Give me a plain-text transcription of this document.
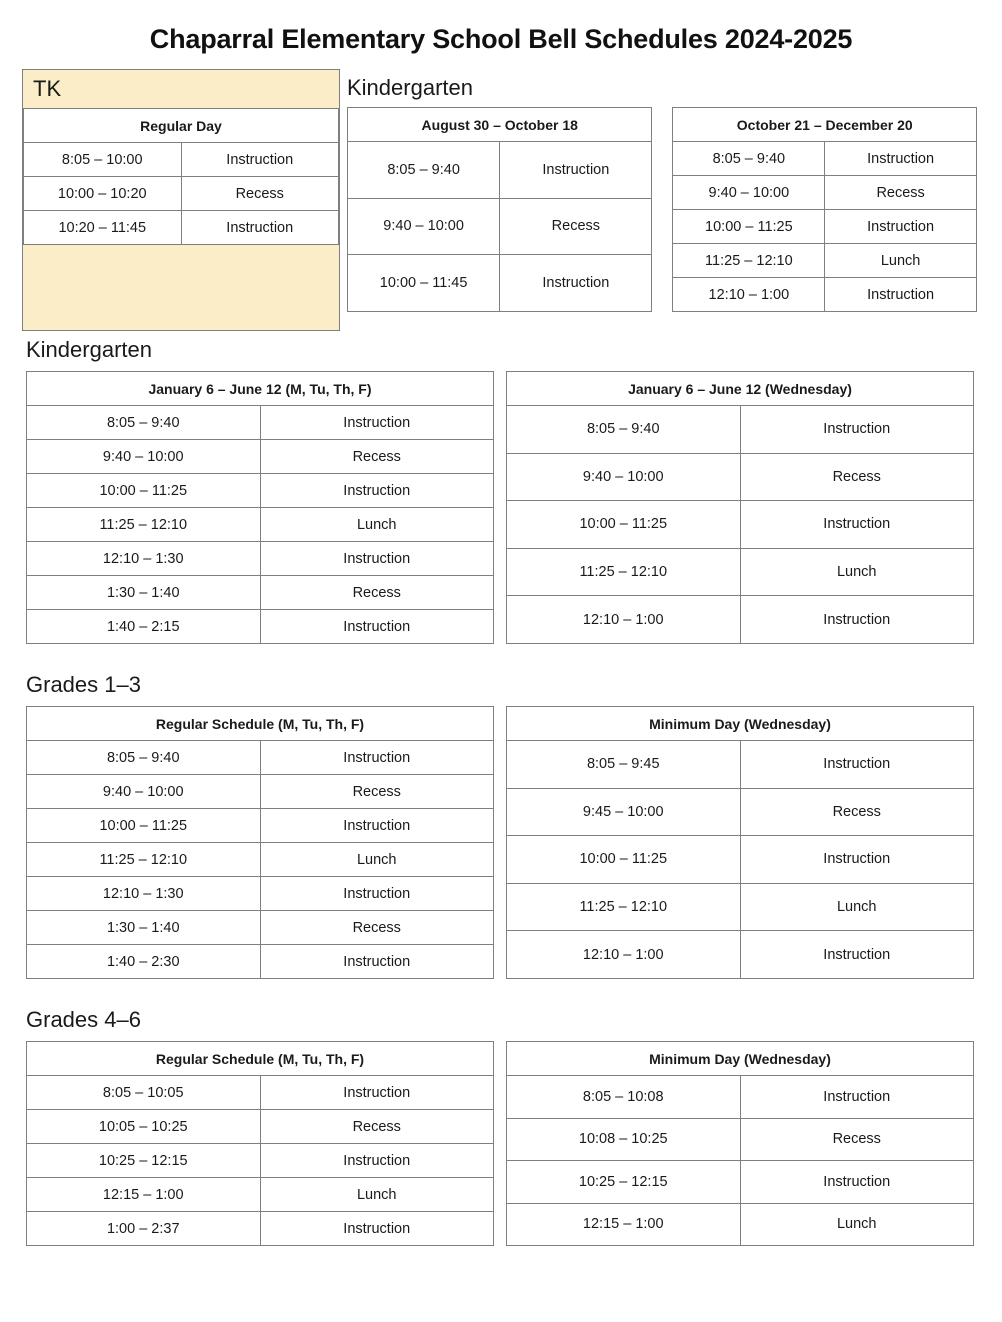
Chaparral Elementary School Bell Schedules 2024-2025
TK
Regular Day	
8:05 – 10:00	Instruction
10:00 – 10:20	Recess
10:20 – 11:45	Instruction
Kindergarten
August 30 – October 18	
8:05 – 9:40	Instruction
9:40 – 10:00	Recess
10:00 – 11:45	Instruction
October 21 – December 20	
8:05 – 9:40	Instruction
9:40 – 10:00	Recess
10:00 – 11:25	Instruction
11:25 – 12:10	Lunch
12:10 – 1:00	Instruction
Kindergarten
January 6 – June 12 (M, Tu, Th, F)	
8:05 – 9:40	Instruction
9:40 – 10:00	Recess
10:00 – 11:25	Instruction
11:25 – 12:10	Lunch
12:10 – 1:30	Instruction
1:30 – 1:40	Recess
1:40 – 2:15	Instruction
January 6 – June 12 (Wednesday)	
8:05 – 9:40	Instruction
9:40 – 10:00	Recess
10:00 – 11:25	Instruction
11:25 – 12:10	Lunch
12:10 – 1:00	Instruction
Grades 1–3
Regular Schedule (M, Tu, Th, F)	
8:05 – 9:40	Instruction
9:40 – 10:00	Recess
10:00 – 11:25	Instruction
11:25 – 12:10	Lunch
12:10 – 1:30	Instruction
1:30 – 1:40	Recess
1:40 – 2:30	Instruction
Minimum Day (Wednesday)	
8:05 – 9:45	Instruction
9:45 – 10:00	Recess
10:00 – 11:25	Instruction
11:25 – 12:10	Lunch
12:10 – 1:00	Instruction
Grades 4–6
Regular Schedule (M, Tu, Th, F)	
8:05 – 10:05	Instruction
10:05 – 10:25	Recess
10:25 – 12:15	Instruction
12:15 – 1:00	Lunch
1:00 – 2:37	Instruction
Minimum Day (Wednesday)	
8:05 – 10:08	Instruction
10:08 – 10:25	Recess
10:25 – 12:15	Instruction
12:15 – 1:00	Lunch
